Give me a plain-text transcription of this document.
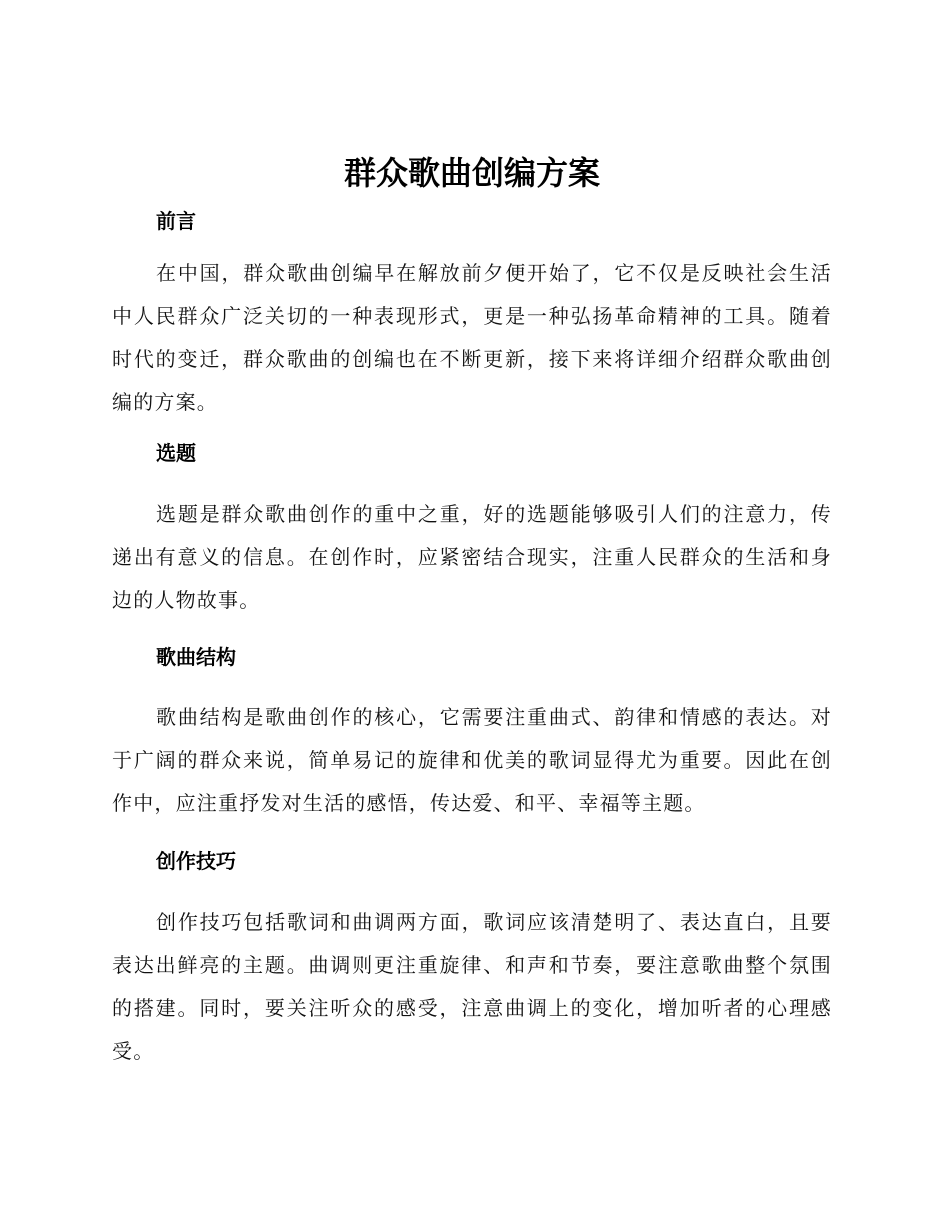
群众歌曲创编方案
前言

在中国，群众歌曲创编早在解放前夕便开始了，它不仅是反映社会生活中人民群众广泛关切的一种表现形式，更是一种弘扬革命精神的工具。随着时代的变迁，群众歌曲的创编也在不断更新，接下来将详细介绍群众歌曲创编的方案。

选题

选题是群众歌曲创作的重中之重，好的选题能够吸引人们的注意力，传递出有意义的信息。在创作时，应紧密结合现实，注重人民群众的生活和身边的人物故事。

歌曲结构

歌曲结构是歌曲创作的核心，它需要注重曲式、韵律和情感的表达。对于广阔的群众来说，简单易记的旋律和优美的歌词显得尤为重要。因此在创作中，应注重抒发对生活的感悟，传达爱、和平、幸福等主题。

创作技巧

创作技巧包括歌词和曲调两方面，歌词应该清楚明了、表达直白，且要表达出鲜亮的主题。曲调则更注重旋律、和声和节奏，要注意歌曲整个氛围的搭建。同时，要关注听众的感受，注意曲调上的变化，增加听者的心理感受。
